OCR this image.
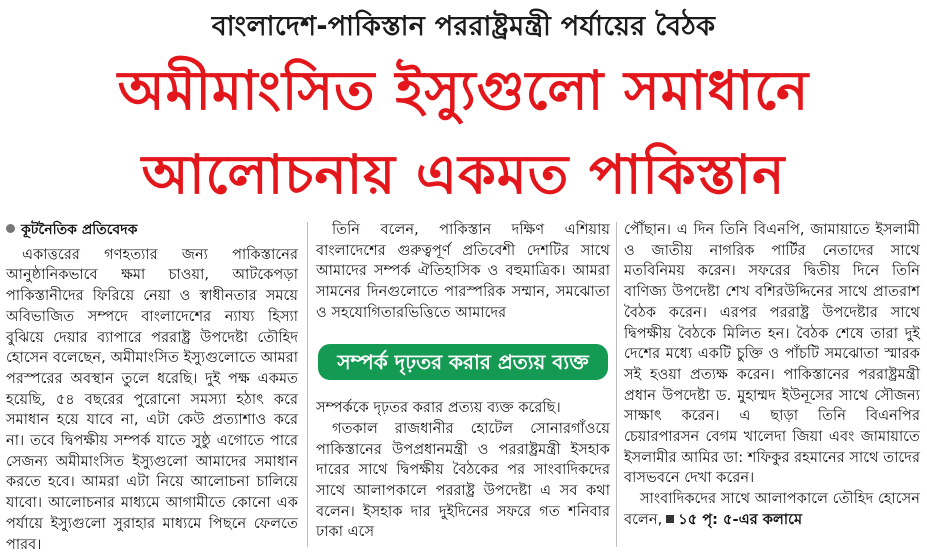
বাংলাদেশ-পাকিস্তান পররাষ্ট্রমন্ত্রী পর্যায়ের বৈঠক
অমীমাংসিত ইস্যুগুলো সমাধানে
আলোচনায় একমত পাকিস্তান
কূটনৈতিক প্রতিবেদক

একাত্তরের গণহত্যার জন্য পাকিস্তানের আনুষ্ঠানিকভাবে ক্ষমা চাওয়া, আটকেপড়া পাকিস্তানীদের ফিরিয়ে নেয়া ও স্বাধীনতার সময়ে অবিভাজিত সম্পদে বাংলাদেশের ন্যায্য হিস্যা বুঝিয়ে দেয়ার ব্যাপারে পররাষ্ট্র উপদেষ্টা তৌহিদ হোসেন বলেছেন, অমীমাংসিত ইস্যুগুলোতে আমরা পরস্পরের অবস্থান তুলে ধরেছি। দুই পক্ষ একমত হয়েছি, ৫৪ বছরের পুরোনো সমস্যা হঠাৎ করে সমাধান হয়ে যাবে না, এটা কেউ প্রত্যাশাও করে না। তবে দ্বিপক্ষীয় সম্পর্ক যাতে সুষ্ঠু এগোতে পারে সেজন্য অমীমাংসিত ইস্যুগুলো আমাদের সমাধান করতে হবে। আমরা এটা নিয়ে আলোচনা চালিয়ে যাবো। আলোচনার মাধ্যমে আগামীতে কোনো এক পর্যায়ে ইস্যুগুলো সুরাহার মাধ্যমে পিছনে ফেলতে পারব।

তিনি বলেন, পাকিস্তান দক্ষিণ এশিয়ায় বাংলাদেশের গুরুত্বপূর্ণ প্রতিবেশী দেশটির সাথে আমাদের সম্পর্ক ঐতিহাসিক ও বহুমাত্রিক। আমরা সামনের দিনগুলোতে পারস্পরিক সম্মান, সমঝোতা ও সহযোগিতারভিত্তিতে আমাদের

সম্পর্ক দৃঢ়তর করার প্রত্যয় ব্যক্ত

সম্পর্ককে দৃঢ়তর করার প্রত্যয় ব্যক্ত করেছি।

গতকাল রাজধানীর হোটেল সোনারগাঁওয়ে পাকিস্তানের উপপ্রধানমন্ত্রী ও পররাষ্ট্রমন্ত্রী ইসহাক দারের সাথে দ্বিপক্ষীয় বৈঠকের পর সাংবাদিকদের সাথে আলাপকালে পররাষ্ট্র উপদেষ্টা এ সব কথা বলেন। ইসহাক দার দুইদিনের সফরে গত শনিবার ঢাকা এসে

পৌঁছান। এ দিন তিনি বিএনপি, জামায়াতে ইসলামী ও জাতীয় নাগরিক পার্টির নেতাদের সাথে মতবিনিময় করেন। সফরের দ্বিতীয় দিনে তিনি বাণিজ্য উপদেষ্টা শেখ বশিরউদ্দিনের সাথে প্রাতরাশ বৈঠক করেন। এরপর পররাষ্ট্র উপদেষ্টার সাথে দ্বিপক্ষীয় বৈঠকে মিলিত হন। বৈঠক শেষে তারা দুই দেশের মধ্যে একটি চুক্তি ও পাঁচটি সমঝোতা স্মারক সই হওয়া প্রত্যক্ষ করেন। পাকিস্তানের পররাষ্ট্রমন্ত্রী প্রধান উপদেষ্টা ড. মুহাম্মদ ইউনূসের সাথে সৌজন্য সাক্ষাৎ করেন। এ ছাড়া তিনি বিএনপির চেয়ারপারসন বেগম খালেদা জিয়া এবং জামায়াতে ইসলামীর আমির ডা: শফিকুর রহমানের সাথে তাদের বাসভবনে দেখা করেন।

সাংবাদিকদের সাথে আলাপকালে তৌহিদ হোসেন বলেন, ১৫ পৃ: ৫-এর কলামে
